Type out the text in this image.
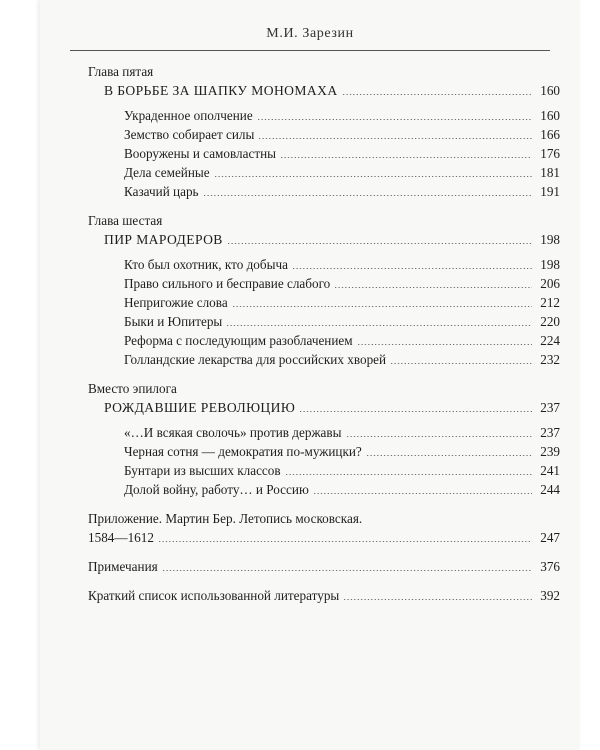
М.И. Зарезин
Глава пятая
В БОРЬБЕ ЗА ШАПКУ МОНОМАХА	160
Украденное ополчение	160
Земство собирает силы	166
Вооружены и самовластны	176
Дела семейные	181
Казачий царь	191
Глава шестая
ПИР МАРОДЕРОВ	198
Кто был охотник, кто добыча	198
Право сильного и бесправие слабого	206
Непригожие слова	212
Быки и Юпитеры	220
Реформа с последующим разоблачением	224
Голландские лекарства для российских хворей	232
Вместо эпилога
РОЖДАВШИЕ РЕВОЛЮЦИЮ	237
«…И всякая сволочь» против державы	237
Черная сотня — демократия по-мужицки?	239
Бунтари из высших классов	241
Долой войну, работу… и Россию	244
Приложение. Мартин Бер. Летопись московская.
1584—1612	247
Примечания	376
Краткий список использованной литературы	392
